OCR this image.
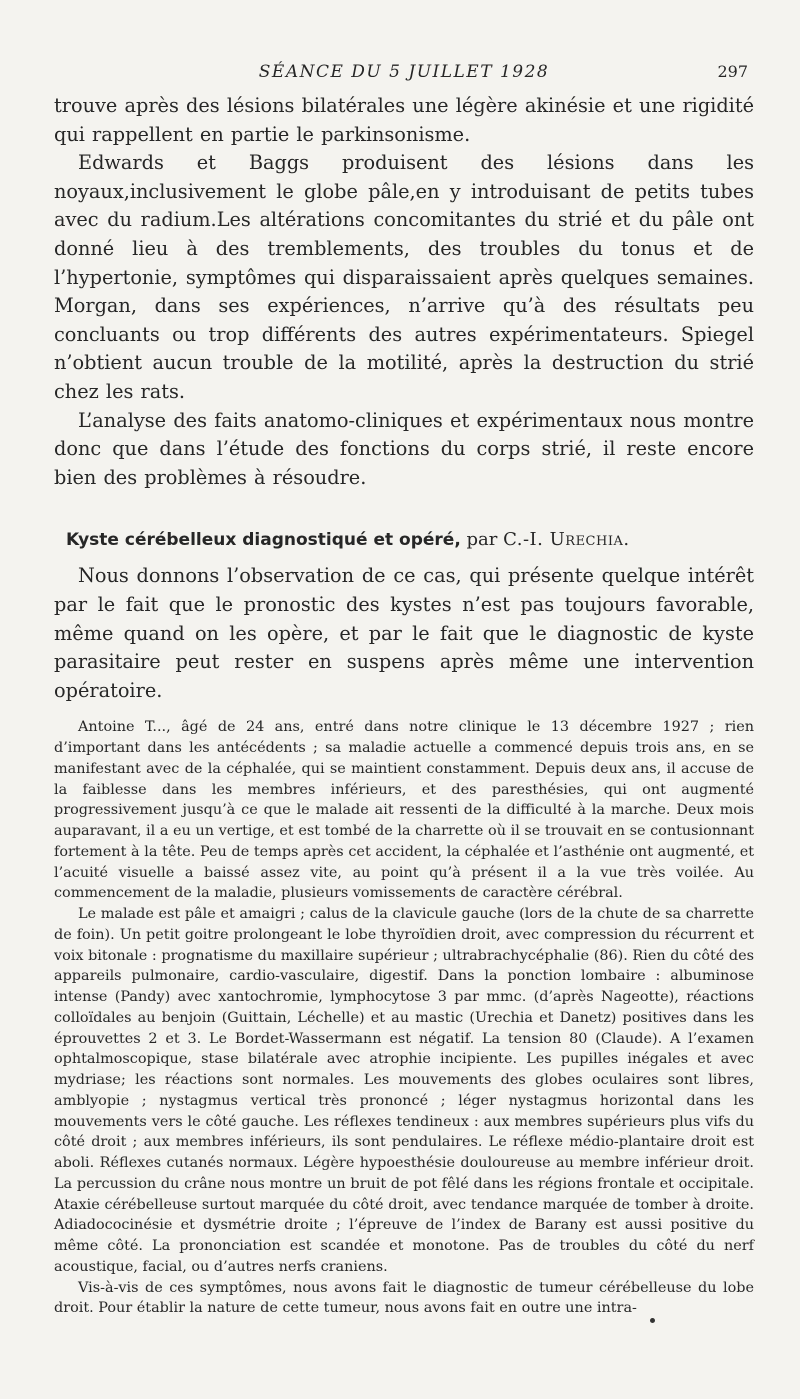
SÉANCE DU 5 JUILLET 1928	297

trouve après des lésions bilatérales une légère akinésie et une rigidité qui rappellent en partie le parkinsonisme.

Edwards et Baggs produisent des lésions dans les noyaux,inclusivement le globe pâle,en y introduisant de petits tubes avec du radium.Les altérations concomitantes du strié et du pâle ont donné lieu à des tremblements, des troubles du tonus et de l’hypertonie, symptômes qui disparaissaient après quelques semaines. Morgan, dans ses expériences, n’arrive qu’à des résultats peu concluants ou trop différents des autres expérimentateurs. Spiegel n’obtient aucun trouble de la motilité, après la destruction du strié chez les rats.

L’analyse des faits anatomo-cliniques et expérimentaux nous montre donc que dans l’étude des fonctions du corps strié, il reste encore bien des problèmes à résoudre.

Kyste cérébelleux diagnostiqué et opéré, par C.-I. Urechia.

Nous donnons l’observation de ce cas, qui présente quelque intérêt par le fait que le pronostic des kystes n’est pas toujours favorable, même quand on les opère, et par le fait que le diagnostic de kyste parasitaire peut rester en suspens après même une intervention opératoire.

Antoine T..., âgé de 24 ans, entré dans notre clinique le 13 décembre 1927 ; rien d’important dans les antécédents ; sa maladie actuelle a commencé depuis trois ans, en se manifestant avec de la céphalée, qui se maintient constamment. Depuis deux ans, il accuse de la faiblesse dans les membres inférieurs, et des paresthésies, qui ont augmenté progressivement jusqu’à ce que le malade ait ressenti de la difficulté à la marche. Deux mois auparavant, il a eu un vertige, et est tombé de la charrette où il se trouvait en se contusionnant fortement à la tête. Peu de temps après cet accident, la céphalée et l’asthénie ont augmenté, et l’acuité visuelle a baissé assez vite, au point qu’à présent il a la vue très voilée. Au commencement de la maladie, plusieurs vomissements de caractère cérébral.

Le malade est pâle et amaigri ; calus de la clavicule gauche (lors de la chute de sa charrette de foin). Un petit goitre prolongeant le lobe thyroïdien droit, avec compression du récurrent et voix bitonale : prognatisme du maxillaire supérieur ; ultrabrachycéphalie (86). Rien du côté des appareils pulmonaire, cardio-vasculaire, digestif. Dans la ponction lombaire : albuminose intense (Pandy) avec xantochromie, lymphocytose 3 par mmc. (d’après Nageotte), réactions colloïdales au benjoin (Guittain, Léchelle) et au mastic (Urechia et Danetz) positives dans les éprouvettes 2 et 3. Le Bordet-Wassermann est négatif. La tension 80 (Claude). A l’examen ophtalmoscopique, stase bilatérale avec atrophie incipiente. Les pupilles inégales et avec mydriase; les réactions sont normales. Les mouvements des globes oculaires sont libres, amblyopie ; nystagmus vertical très prononcé ; léger nystagmus horizontal dans les mouvements vers le côté gauche. Les réflexes tendineux : aux membres supérieurs plus vifs du côté droit ; aux membres inférieurs, ils sont pendulaires. Le réflexe médio-plantaire droit est aboli. Réflexes cutanés normaux. Légère hypoesthésie douloureuse au membre inférieur droit. La percussion du crâne nous montre un bruit de pot fêlé dans les régions frontale et occipitale. Ataxie cérébelleuse surtout marquée du côté droit, avec tendance marquée de tomber à droite. Adiadococinésie et dysmétrie droite ; l’épreuve de l’index de Barany est aussi positive du même côté. La prononciation est scandée et monotone. Pas de troubles du côté du nerf acoustique, facial, ou d’autres nerfs craniens.

Vis-à-vis de ces symptômes, nous avons fait le diagnostic de tumeur cérébelleuse du lobe droit. Pour établir la nature de cette tumeur, nous avons fait en outre une intra-
